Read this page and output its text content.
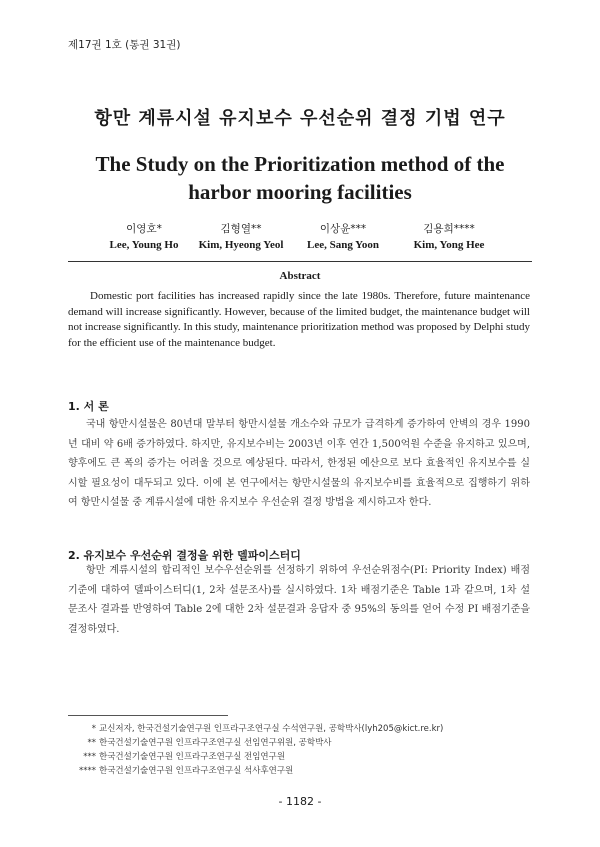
제17권 1호 (통권 31권)
항만 계류시설 유지보수 우선순위 결정 기법 연구
The Study on the Prioritization method of the harbor mooring facilities
이영호*
Lee, Young Ho
김형열**
Kim, Hyeong Yeol
이상윤***
Lee, Sang Yoon
김용희****
Kim, Yong Hee
Abstract

Domestic port facilities has increased rapidly since the late 1980s. Therefore, future maintenance demand will increase significantly. However, because of the limited budget, the maintenance budget will not increase significantly. In this study, maintenance prioritization method was proposed by Delphi study for the efficient use of the maintenance budget.

1. 서 론

국내 항만시설물은 80년대 말부터 항만시설물 개소수와 규모가 급격하게 증가하여 안벽의 경우 1990년 대비 약 6배 증가하였다. 하지만, 유지보수비는 2003년 이후 연간 1,500억원 수준을 유지하고 있으며, 향후에도 큰 폭의 증가는 어려울 것으로 예상된다. 따라서, 한정된 예산으로 보다 효율적인 유지보수를 실시할 필요성이 대두되고 있다. 이에 본 연구에서는 항만시설물의 유지보수비를 효율적으로 집행하기 위하여 항만시설물 중 계류시설에 대한 유지보수 우선순위 결정 방법을 제시하고자 한다.

2. 유지보수 우선순위 결정을 위한 델파이스터디

항만 계류시설의 합리적인 보수우선순위를 선정하기 위하여 우선순위점수(PI: Priority Index) 배점 기준에 대하여 델파이스터디(1, 2차 설문조사)를 실시하였다. 1차 배점기준은 Table 1과 같으며, 1차 설문조사 결과를 반영하여 Table 2에 대한 2차 설문결과 응답자 중 95%의 동의를 얻어 수정 PI 배점기준을 결정하였다.

* 교신저자, 한국건설기술연구원 인프라구조연구실 수석연구원, 공학박사(lyh205@kict.re.kr)
** 한국건설기술연구원 인프라구조연구실 선임연구위원, 공학박사
*** 한국건설기술연구원 인프라구조연구실 전임연구원
**** 한국건설기술연구원 인프라구조연구실 석사후연구원
- 1182 -
